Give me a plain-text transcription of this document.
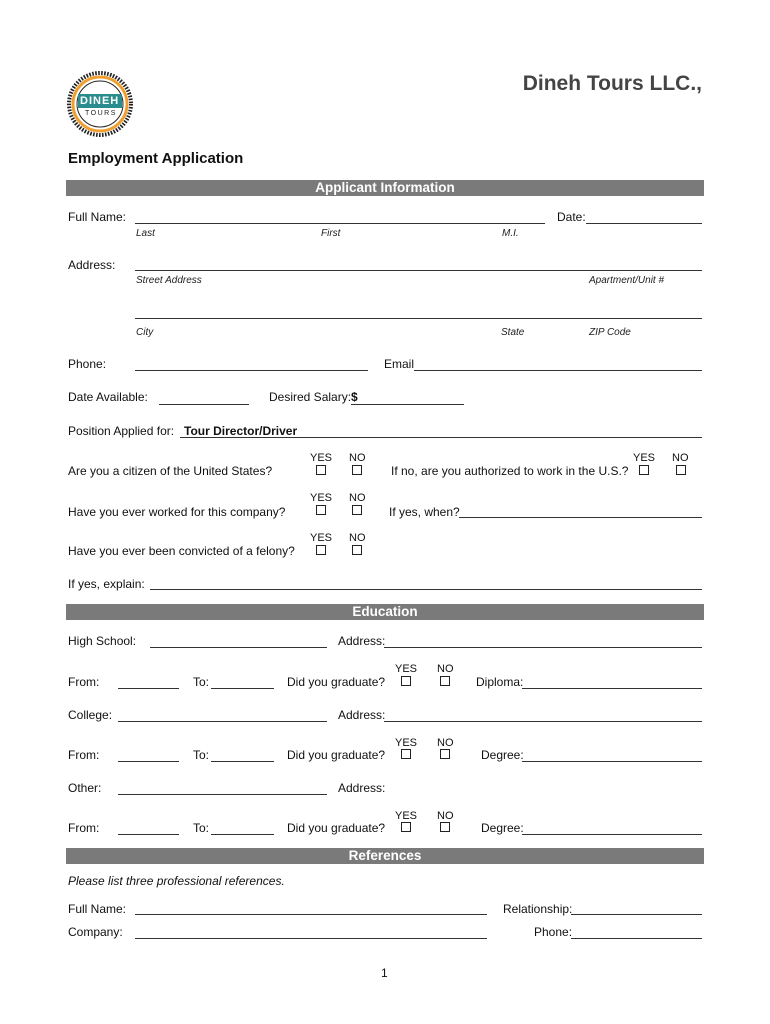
DINEH
TOURS
Dineh Tours LLC.,
Employment Application
Applicant Information
Full Name:
Last	First	M.I.
Date:
Address:
Street Address	Apartment/Unit #
City	State	ZIP Code
Phone:	Email
Date Available:	Desired Salary: $
Position Applied for: Tour Director/Driver
YES NO
Are you a citizen of the United States?
YES NO
If no, are you authorized to work in the U.S.?
YES NO
Have you ever worked for this company?	If yes, when?
YES NO
Have you ever been convicted of a felony?
If yes, explain:
Education
High School:	Address:
YES NO
From:	To:	Did you graduate?	Diploma:
College:	Address:
YES NO
From:	To:	Did you graduate?	Degree:
Other:	Address:
YES NO
From:	To:	Did you graduate?	Degree:
References
Please list three professional references.
Full Name:	Relationship:
Company:	Phone:
1
